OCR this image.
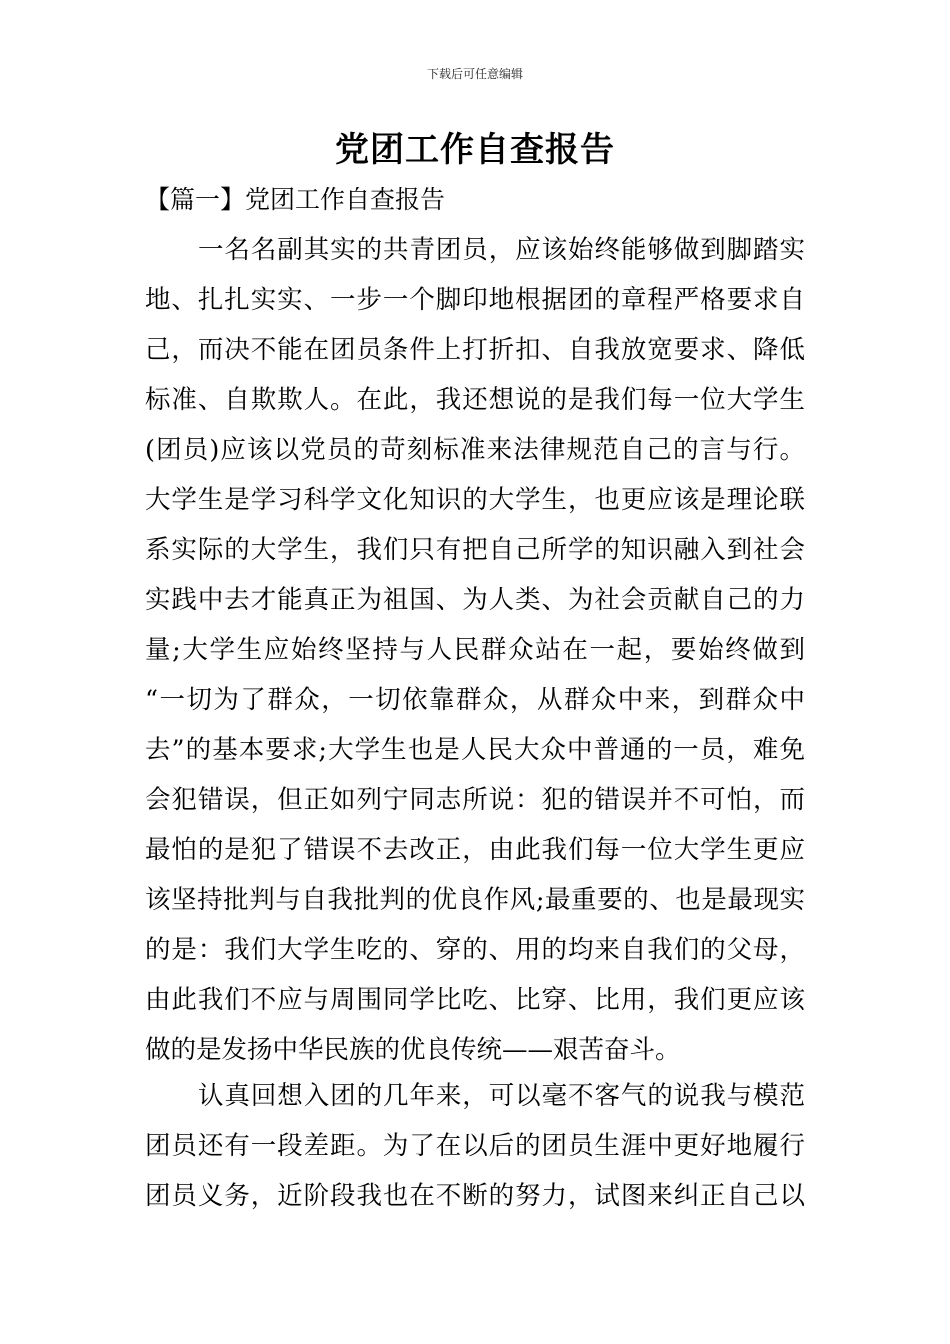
下载后可任意编辑
党团工作自查报告
【篇一】党团工作自查报告
一名名副其实的共青团员，应该始终能够做到脚踏实
地、扎扎实实、一步一个脚印地根据团的章程严格要求自
己，而决不能在团员条件上打折扣、自我放宽要求、降低
标准、自欺欺人。在此，我还想说的是我们每一位大学生
(团员)应该以党员的苛刻标准来法律规范自己的言与行。
大学生是学习科学文化知识的大学生，也更应该是理论联
系实际的大学生，我们只有把自己所学的知识融入到社会
实践中去才能真正为祖国、为人类、为社会贡献自己的力
量;大学生应始终坚持与人民群众站在一起，要始终做到
“一切为了群众，一切依靠群众，从群众中来，到群众中
去”的基本要求;大学生也是人民大众中普通的一员，难免
会犯错误，但正如列宁同志所说：犯的错误并不可怕，而
最怕的是犯了错误不去改正，由此我们每一位大学生更应
该坚持批判与自我批判的优良作风;最重要的、也是最现实
的是：我们大学生吃的、穿的、用的均来自我们的父母，
由此我们不应与周围同学比吃、比穿、比用，我们更应该
做的是发扬中华民族的优良传统——艰苦奋斗。
认真回想入团的几年来，可以毫不客气的说我与模范
团员还有一段差距。为了在以后的团员生涯中更好地履行
团员义务，近阶段我也在不断的努力，试图来纠正自己以
